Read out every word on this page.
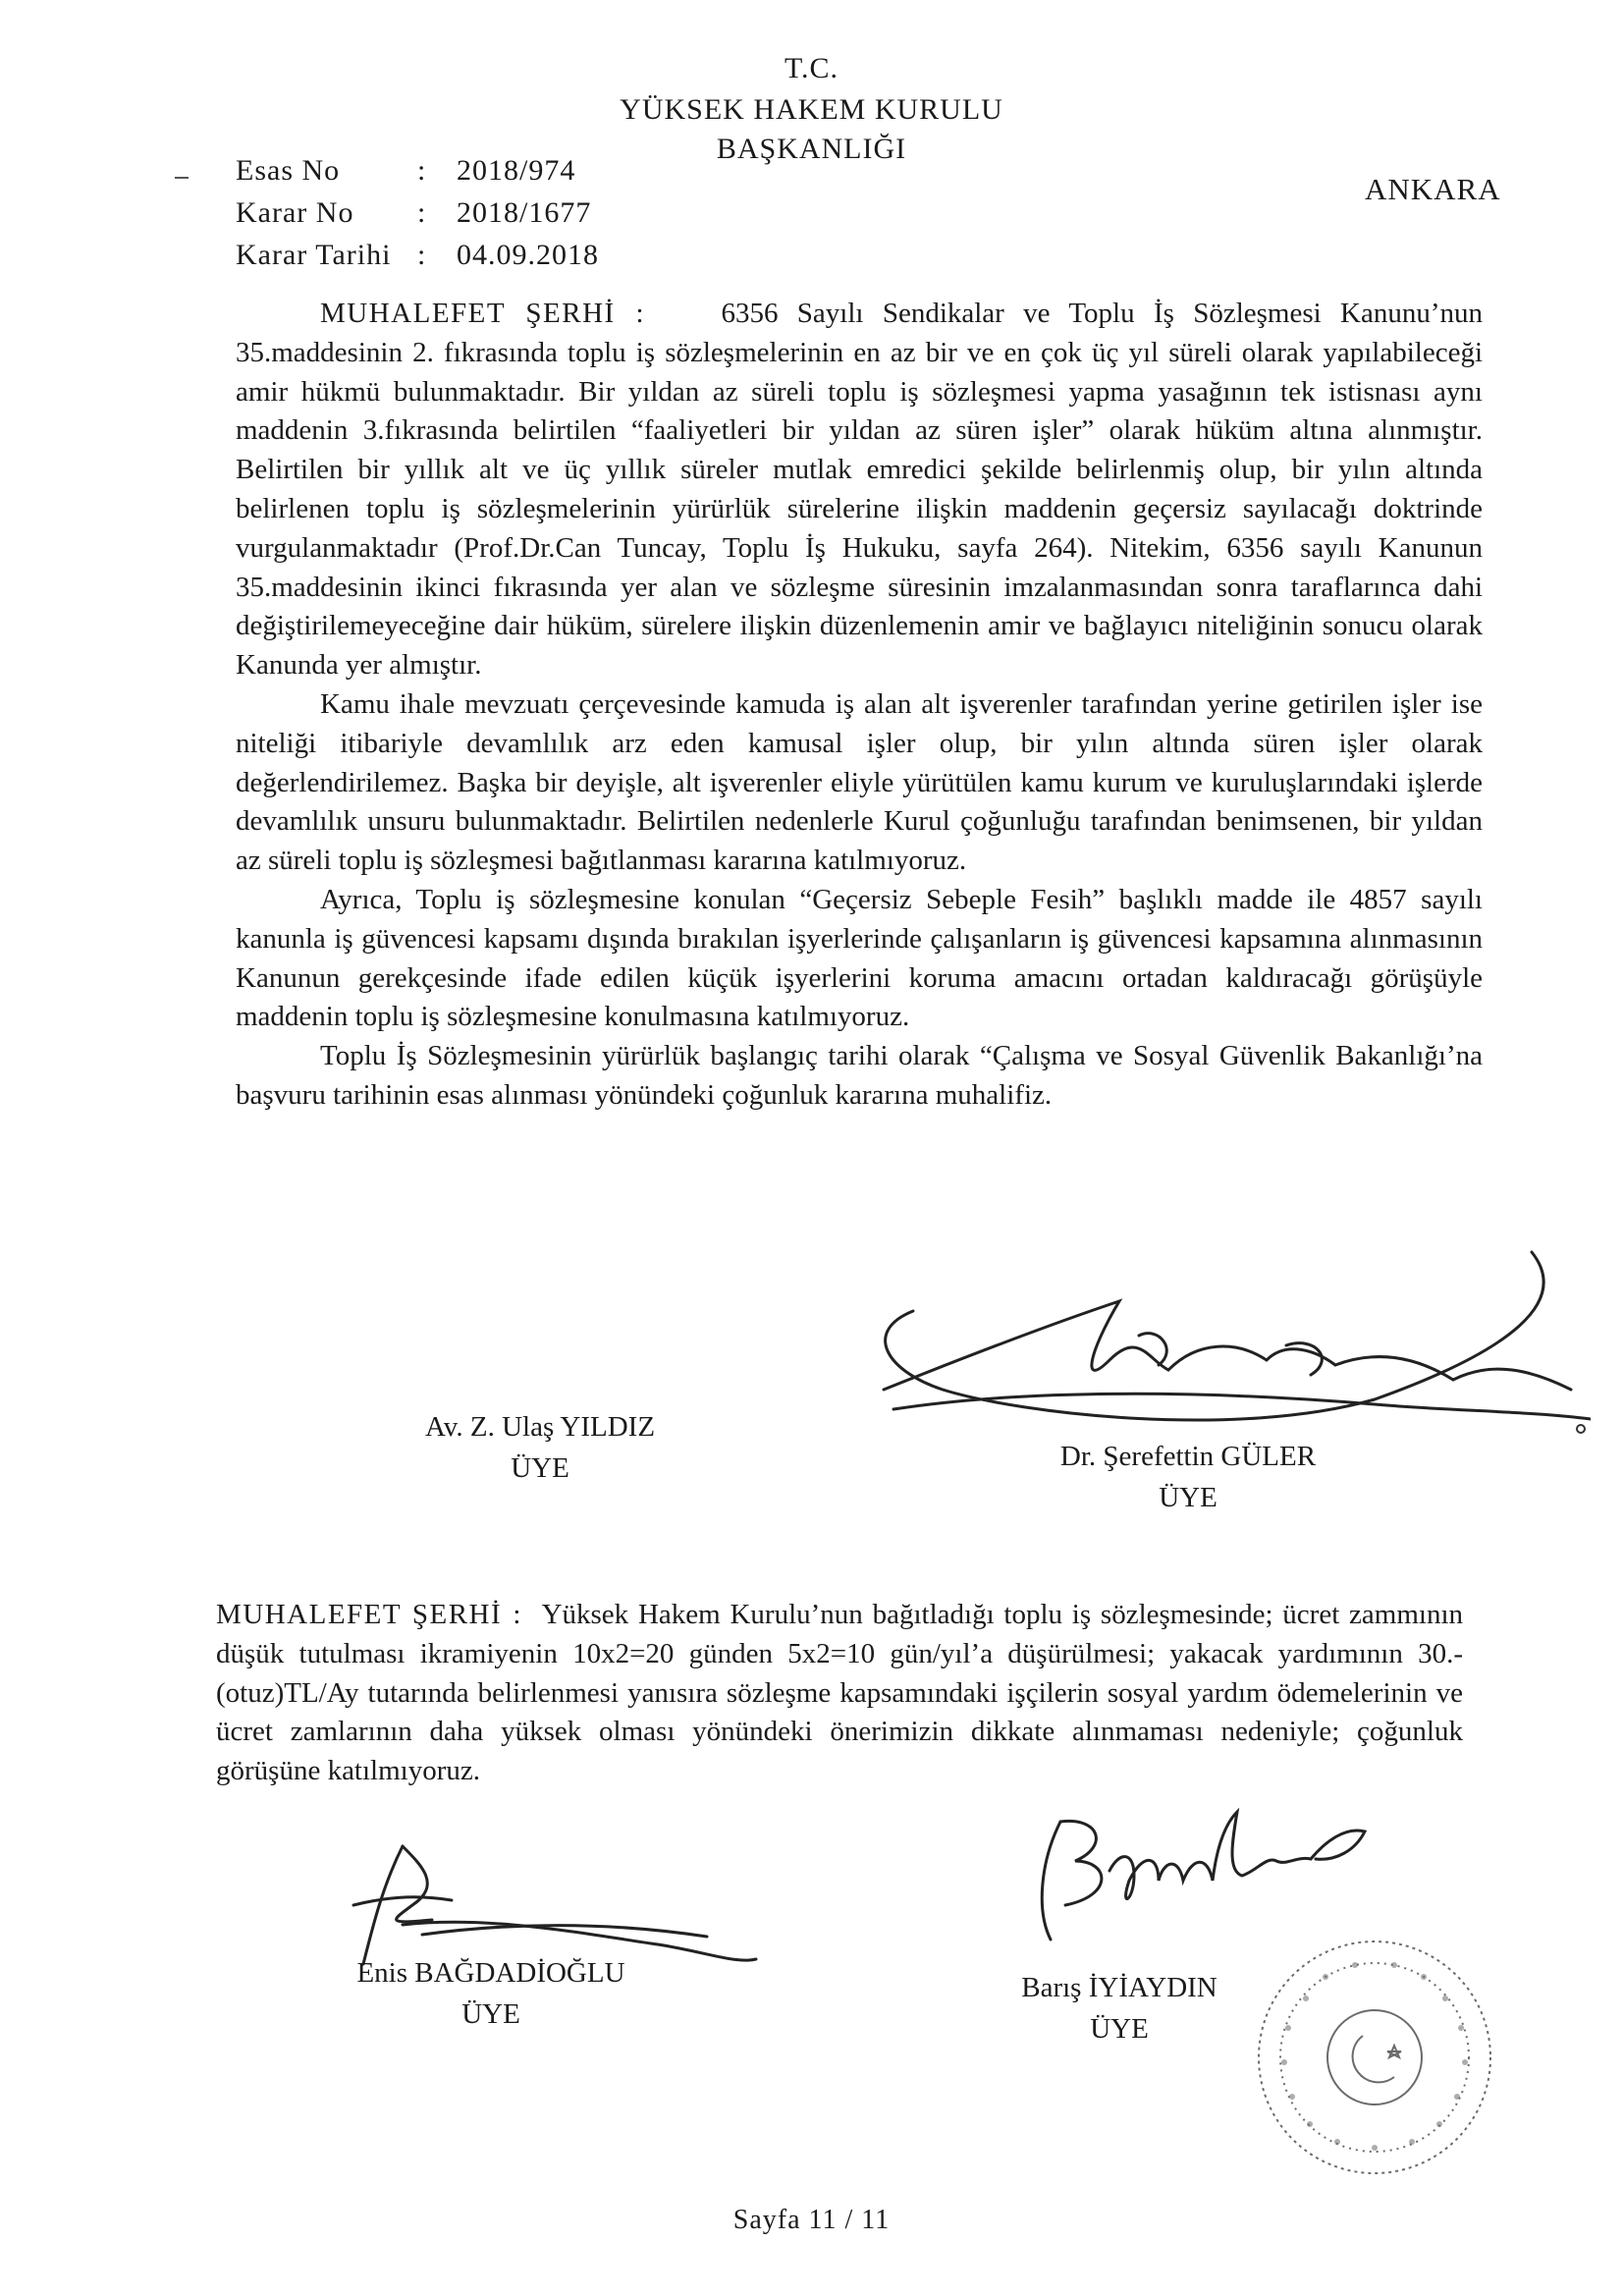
T.C.
YÜKSEK HAKEM KURULU
BAŞKANLIĞI
ANKARA
Esas No	:	2018/974
Karar No	:	2018/1677
Karar Tarihi :	04.09.2018

MUHALEFET ŞERHİ :	6356 Sayılı Sendikalar ve Toplu İş Sözleşmesi Kanunu’nun 35.maddesinin 2. fıkrasında toplu iş sözleşmelerinin en az bir ve en çok üç yıl süreli olarak yapılabileceği amir hükmü bulunmaktadır. Bir yıldan az süreli toplu iş sözleşmesi yapma yasağının tek istisnası aynı maddenin 3.fıkrasında belirtilen “faaliyetleri bir yıldan az süren işler” olarak hüküm altına alınmıştır. Belirtilen bir yıllık alt ve üç yıllık süreler mutlak emredici şekilde belirlenmiş olup, bir yılın altında belirlenen toplu iş sözleşmelerinin yürürlük sürelerine ilişkin maddenin geçersiz sayılacağı doktrinde vurgulanmaktadır (Prof.Dr.Can Tuncay, Toplu İş Hukuku, sayfa 264). Nitekim, 6356 sayılı Kanunun 35.maddesinin ikinci fıkrasında yer alan ve sözleşme süresinin imzalanmasından sonra taraflarınca dahi değiştirilemeyeceğine dair hüküm, sürelere ilişkin düzenlemenin amir ve bağlayıcı niteliğinin sonucu olarak Kanunda yer almıştır.

Kamu ihale mevzuatı çerçevesinde kamuda iş alan alt işverenler tarafından yerine getirilen işler ise niteliği itibariyle devamlılık arz eden kamusal işler olup, bir yılın altında süren işler olarak değerlendirilemez. Başka bir deyişle, alt işverenler eliyle yürütülen kamu kurum ve kuruluşlarındaki işlerde devamlılık unsuru bulunmaktadır. Belirtilen nedenlerle Kurul çoğunluğu tarafından benimsenen, bir yıldan az süreli toplu iş sözleşmesi bağıtlanması kararına katılmıyoruz.

Ayrıca, Toplu iş sözleşmesine konulan “Geçersiz Sebeple Fesih” başlıklı madde ile 4857 sayılı kanunla iş güvencesi kapsamı dışında bırakılan işyerlerinde çalışanların iş güvencesi kapsamına alınmasının Kanunun gerekçesinde ifade edilen küçük işyerlerini koruma amacını ortadan kaldıracağı görüşüyle maddenin toplu iş sözleşmesine konulmasına katılmıyoruz.

Toplu İş Sözleşmesinin yürürlük başlangıç tarihi olarak “Çalışma ve Sosyal Güvenlik Bakanlığı’na başvuru tarihinin esas alınması yönündeki çoğunluk kararına muhalifiz.

Av. Z. Ulaş YILDIZ
ÜYE	Dr. Şerefettin GÜLER
ÜYE

MUHALEFET ŞERHİ : Yüksek Hakem Kurulu’nun bağıtladığı toplu iş sözleşmesinde; ücret zammının düşük tutulması ikramiyenin 10x2=20 günden 5x2=10 gün/yıl’a düşürülmesi; yakacak yardımının 30.-(otuz)TL/Ay tutarında belirlenmesi yanısıra sözleşme kapsamındaki işçilerin sosyal yardım ödemelerinin ve ücret zamlarının daha yüksek olması yönündeki önerimizin dikkate alınmaması nedeniyle; çoğunluk görüşüne katılmıyoruz.

Enis BAĞDADİOĞLU
ÜYE
Barış İYİAYDIN
ÜYE
Sayfa 11 / 11
